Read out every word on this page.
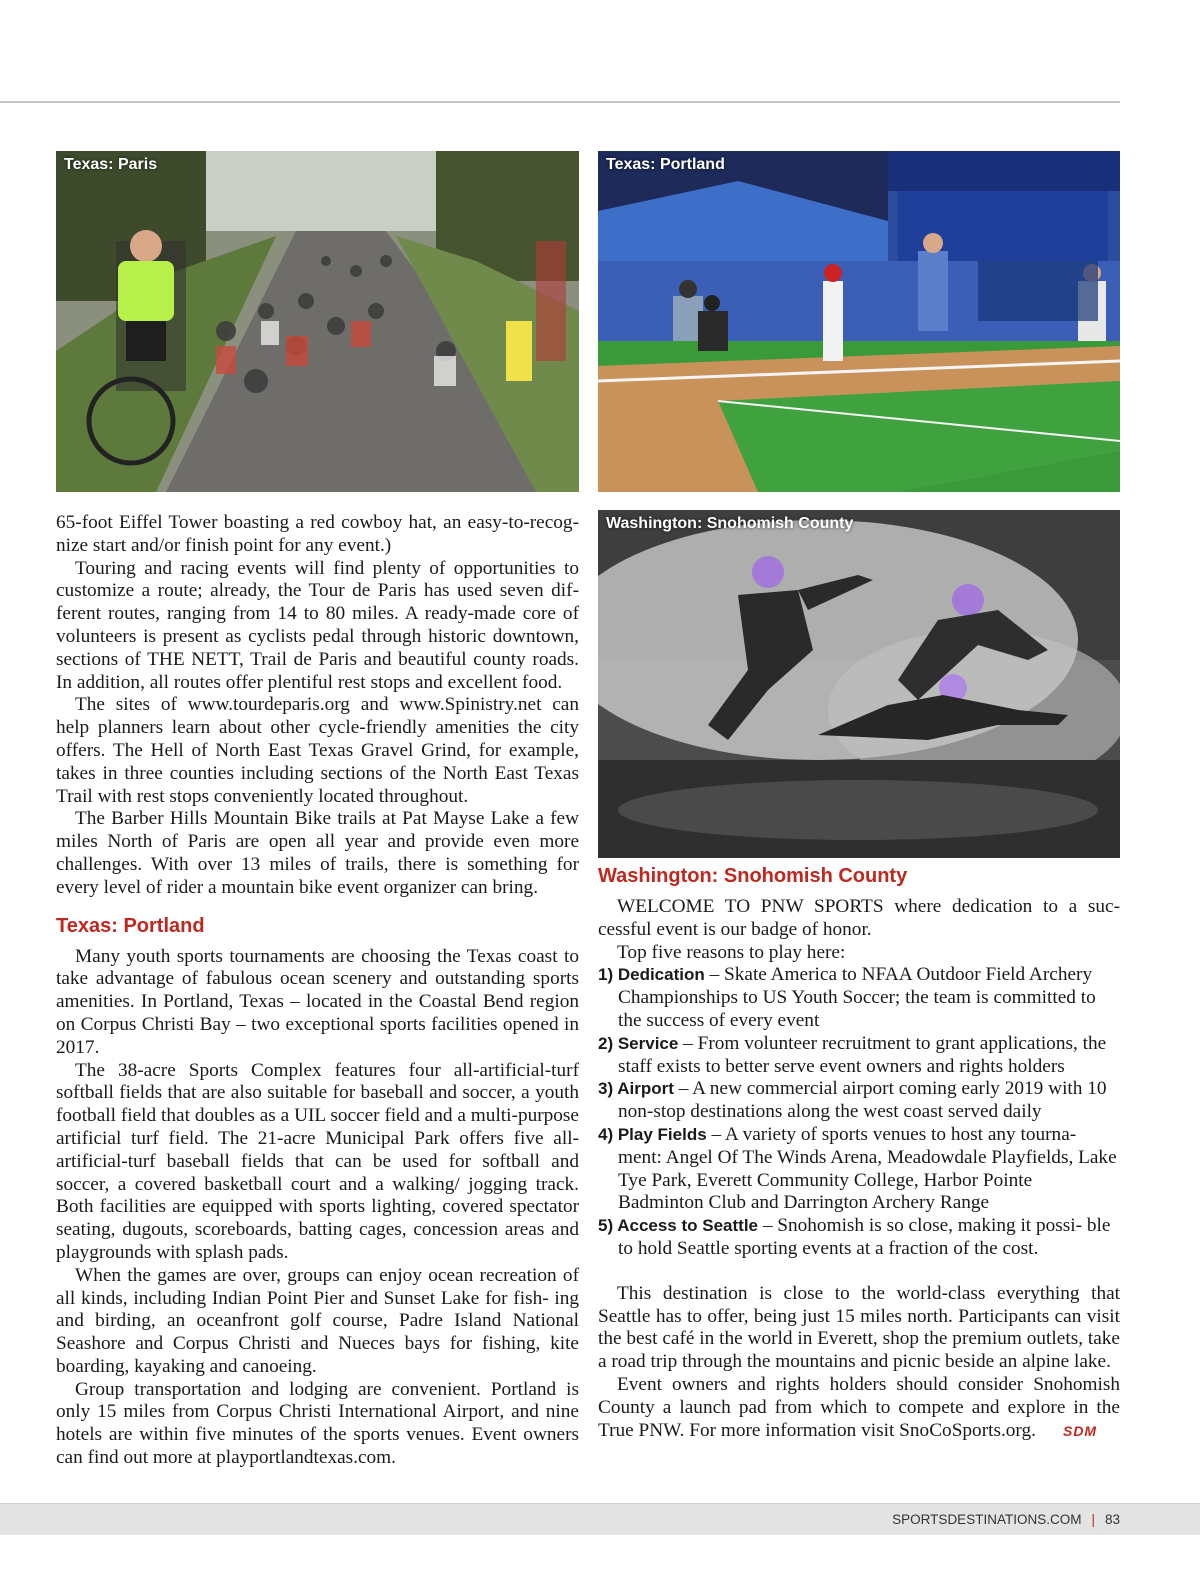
Texas: Paris	Texas: Portland
Washington: Snohomish County

65-foot Eiffel Tower boasting a red cowboy hat, an easy-to-recog- nize start and/or finish point for any event.)

Touring and racing events will find plenty of opportunities to customize a route; already, the Tour de Paris has used seven dif- ferent routes, ranging from 14 to 80 miles. A ready-made core of volunteers is present as cyclists pedal through historic downtown, sections of THE NETT, Trail de Paris and beautiful county roads. In addition, all routes offer plentiful rest stops and excellent food.

The sites of www.tourdeparis.org and www.Spinistry.net can help planners learn about other cycle-friendly amenities the city offers. The Hell of North East Texas Gravel Grind, for example, takes in three counties including sections of the North East Texas Trail with rest stops conveniently located throughout.

The Barber Hills Mountain Bike trails at Pat Mayse Lake a few miles North of Paris are open all year and provide even more challenges. With over 13 miles of trails, there is something for every level of rider a mountain bike event organizer can bring.

Texas: Portland

Many youth sports tournaments are choosing the Texas coast to take advantage of fabulous ocean scenery and outstanding sports amenities. In Portland, Texas – located in the Coastal Bend region on Corpus Christi Bay – two exceptional sports facilities opened in 2017.

The 38-acre Sports Complex features four all-artificial-turf softball fields that are also suitable for baseball and soccer, a youth football field that doubles as a UIL soccer field and a multi-purpose artificial turf field. The 21-acre Municipal Park offers five all-artificial-turf baseball fields that can be used for softball and soccer, a covered basketball court and a walking/ jogging track. Both facilities are equipped with sports lighting, covered spectator seating, dugouts, scoreboards, batting cages, concession areas and playgrounds with splash pads.

When the games are over, groups can enjoy ocean recreation of all kinds, including Indian Point Pier and Sunset Lake for fish- ing and birding, an oceanfront golf course, Padre Island National Seashore and Corpus Christi and Nueces bays for fishing, kite boarding, kayaking and canoeing.

Group transportation and lodging are convenient. Portland is only 15 miles from Corpus Christi International Airport, and nine hotels are within five minutes of the sports venues. Event owners can find out more at playportlandtexas.com.

Washington: Snohomish County

WELCOME TO PNW SPORTS where dedication to a suc- cessful event is our badge of honor.

Top five reasons to play here:

1) Dedication – Skate America to NFAA Outdoor Field Archery Championships to US Youth Soccer; the team is committed to the success of every event
2) Service – From volunteer recruitment to grant applications, the staff exists to better serve event owners and rights holders
3) Airport – A new commercial airport coming early 2019 with 10 non-stop destinations along the west coast served daily
4) Play Fields – A variety of sports venues to host any tourna- ment: Angel Of The Winds Arena, Meadowdale Playfields, Lake Tye Park, Everett Community College, Harbor Pointe Badminton Club and Darrington Archery Range
5) Access to Seattle – Snohomish is so close, making it possi- ble to hold Seattle sporting events at a fraction of the cost.

This destination is close to the world-class everything that Seattle has to offer, being just 15 miles north. Participants can visit the best café in the world in Everett, shop the premium outlets, take a road trip through the mountains and picnic beside an alpine lake.

Event owners and rights holders should consider Snohomish County a launch pad from which to compete and explore in the True PNW. For more information visit SnoCoSports.org. SDM

SPORTSDESTINATIONS.COM | 83
